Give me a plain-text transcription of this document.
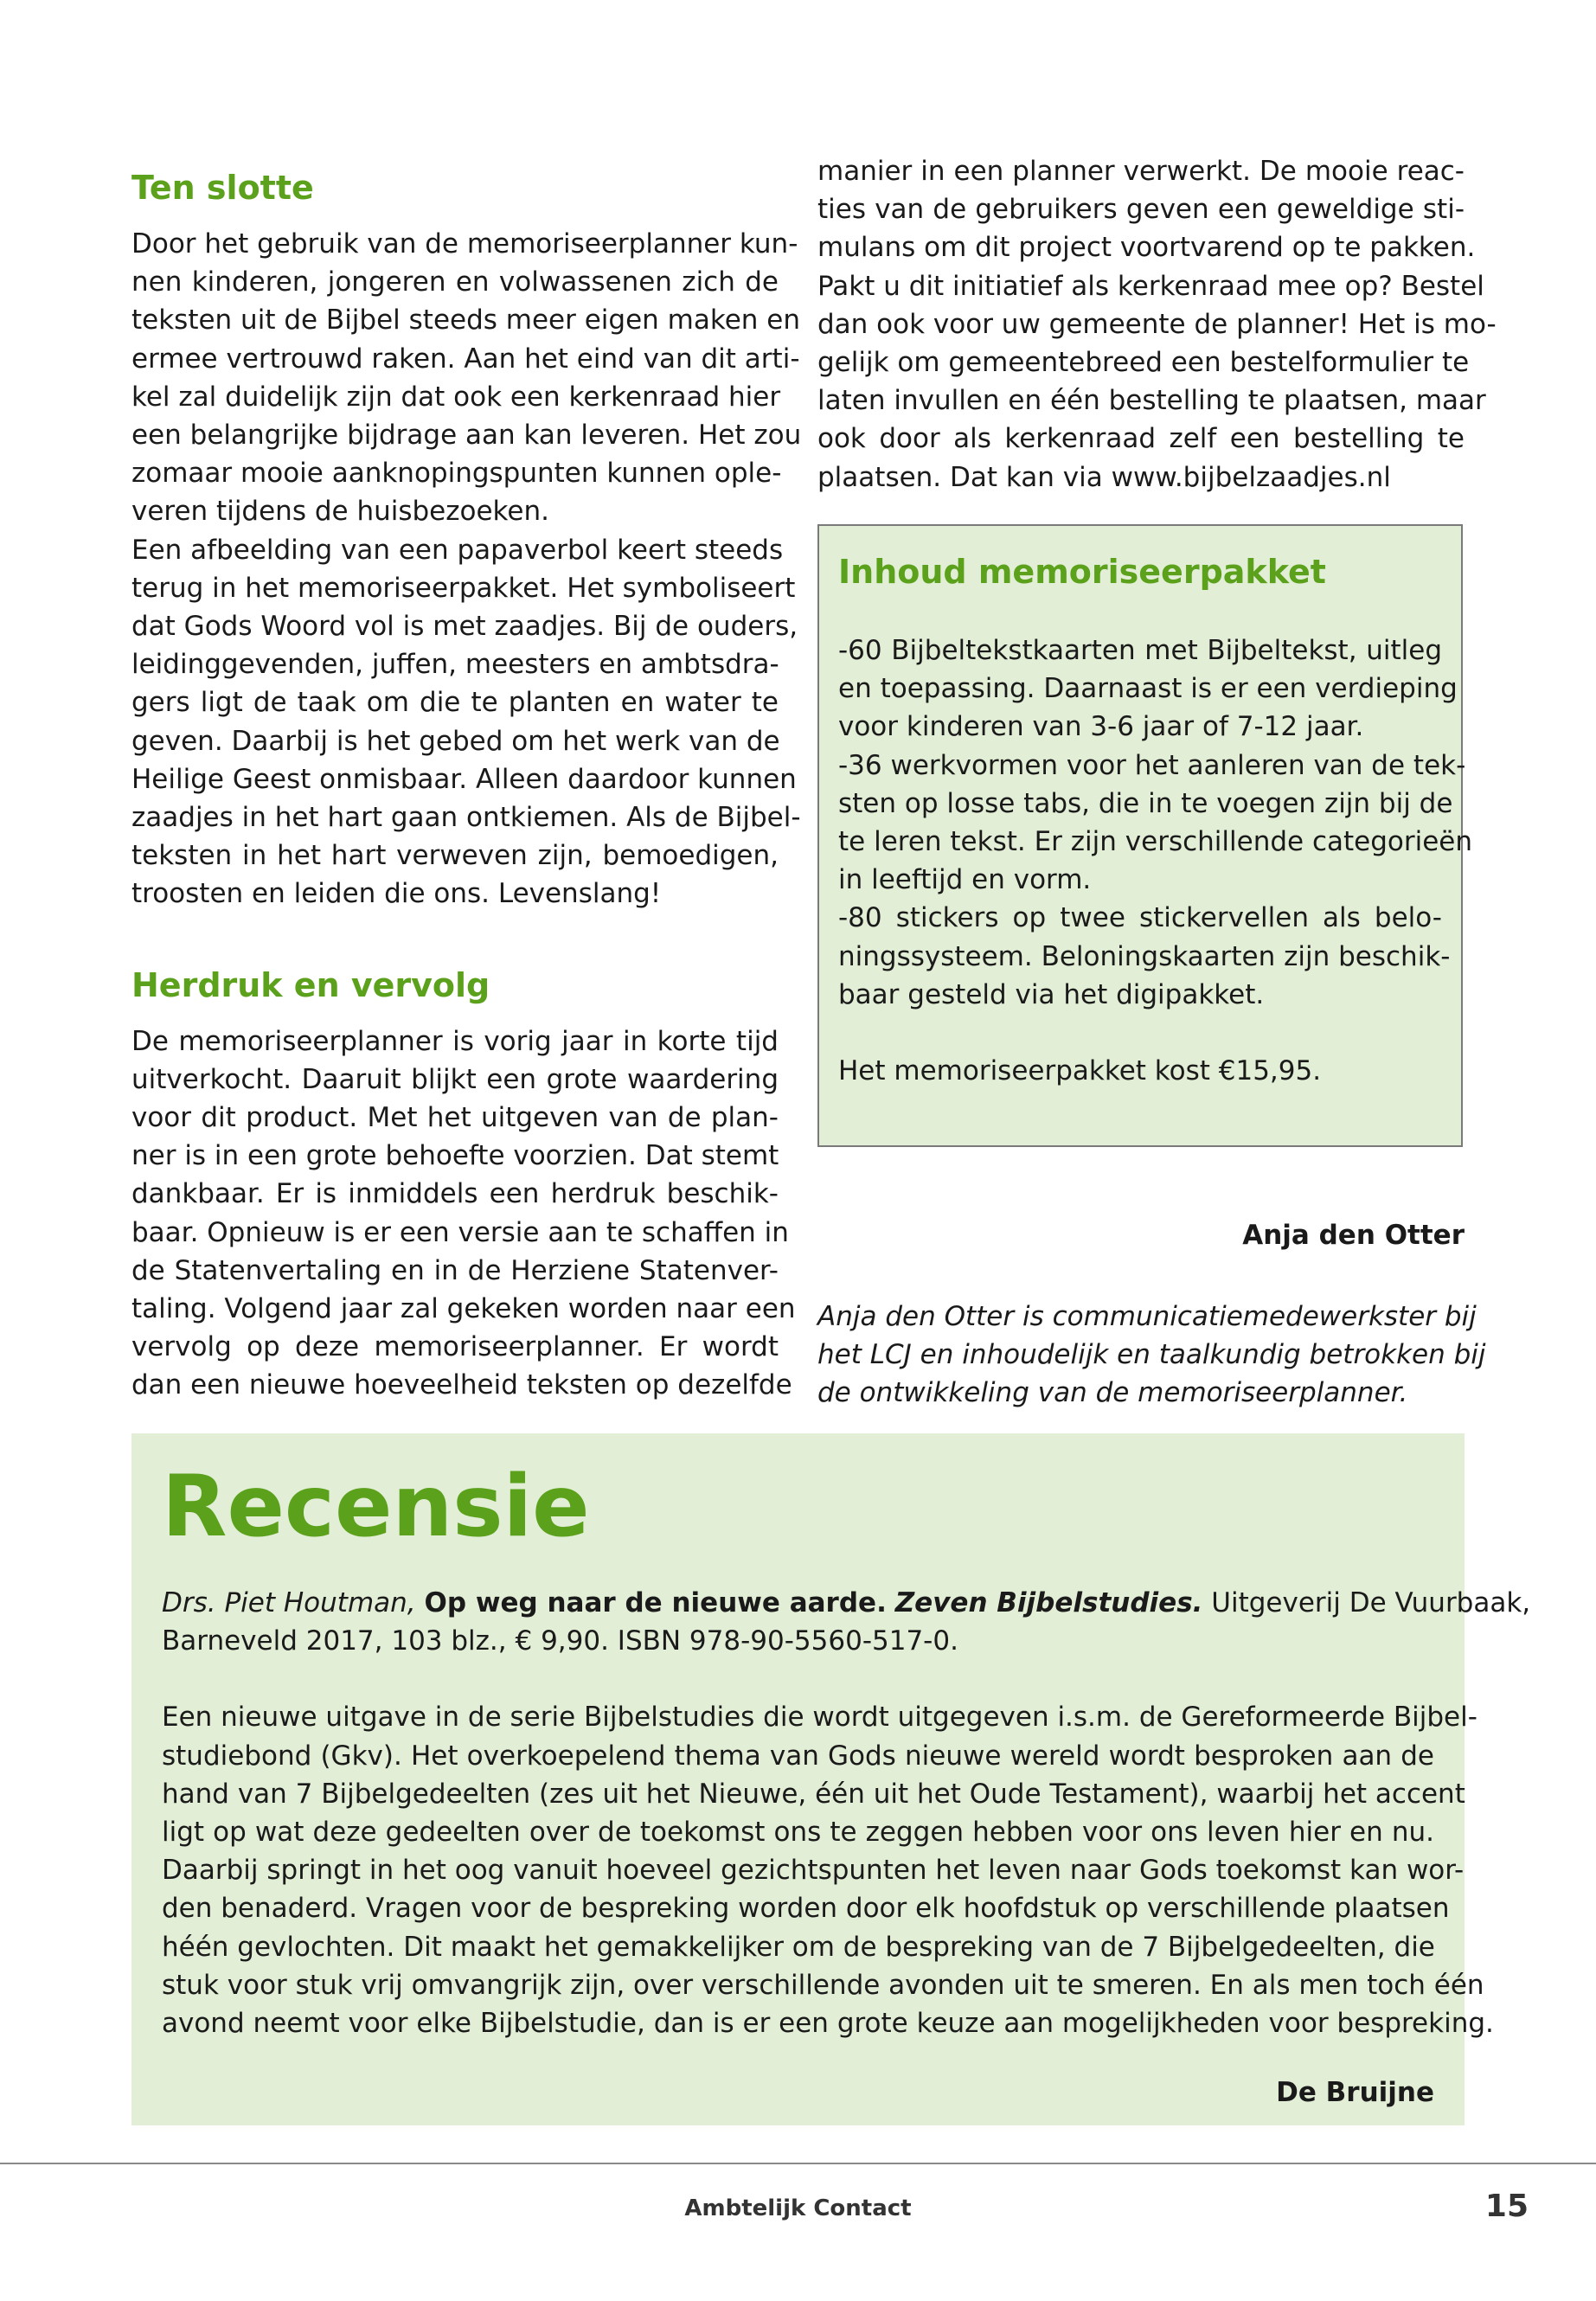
Ten slotte

Door het gebruik van de memoriseerplanner kun-
nen kinderen, jongeren en volwassenen zich de
teksten uit de Bijbel steeds meer eigen maken en
ermee vertrouwd raken. Aan het eind van dit arti-
kel zal duidelijk zijn dat ook een kerkenraad hier
een belangrijke bijdrage aan kan leveren. Het zou
zomaar mooie aanknopingspunten kunnen ople-
veren tijdens de huisbezoeken.

Een afbeelding van een papaverbol keert steeds
terug in het memoriseerpakket. Het symboliseert
dat Gods Woord vol is met zaadjes. Bij de ouders,
leidinggevenden, juffen, meesters en ambtsdra-
gers ligt de taak om die te planten en water te
geven. Daarbij is het gebed om het werk van de
Heilige Geest onmisbaar. Alleen daardoor kunnen
zaadjes in het hart gaan ontkiemen. Als de Bijbel-
teksten in het hart verweven zijn, bemoedigen,
troosten en leiden die ons. Levenslang!

Herdruk en vervolg

De memoriseerplanner is vorig jaar in korte tijd
uitverkocht. Daaruit blijkt een grote waardering
voor dit product. Met het uitgeven van de plan-
ner is in een grote behoefte voorzien. Dat stemt
dankbaar. Er is inmiddels een herdruk beschik-
baar. Opnieuw is er een versie aan te schaffen in
de Statenvertaling en in de Herziene Statenver-
taling. Volgend jaar zal gekeken worden naar een
vervolg op deze memoriseerplanner. Er wordt
dan een nieuwe hoeveelheid teksten op dezelfde

manier in een planner verwerkt. De mooie reac-
ties van de gebruikers geven een geweldige sti-
mulans om dit project voortvarend op te pakken.
Pakt u dit initiatief als kerkenraad mee op? Bestel
dan ook voor uw gemeente de planner! Het is mo-
gelijk om gemeentebreed een bestelformulier te
laten invullen en één bestelling te plaatsen, maar
ook door als kerkenraad zelf een bestelling te
plaatsen. Dat kan via www.bijbelzaadjes.nl

Inhoud memoriseerpakket

-60 Bijbeltekstkaarten met Bijbeltekst, uitleg
en toepassing. Daarnaast is er een verdieping
voor kinderen van 3-6 jaar of 7-12 jaar.

-36 werkvormen voor het aanleren van de tek-
sten op losse tabs, die in te voegen zijn bij de
te leren tekst. Er zijn verschillende categorieën
in leeftijd en vorm.

-80 stickers op twee stickervellen als belo-
ningssysteem. Beloningskaarten zijn beschik-
baar gesteld via het digipakket.

Het memoriseerpakket kost €15,95.

Anja den Otter
Anja den Otter is communicatiemedewerkster bij
het LCJ en inhoudelijk en taalkundig betrokken bij
de ontwikkeling van de memoriseerplanner.
Recensie

Drs. Piet Houtman, Op weg naar de nieuwe aarde. Zeven Bijbelstudies. Uitgeverij De Vuurbaak,
Barneveld 2017, 103 blz., € 9,90. ISBN 978-90-5560-517-0.

Een nieuwe uitgave in de serie Bijbelstudies die wordt uitgegeven i.s.m. de Gereformeerde Bijbel-
studiebond (Gkv). Het overkoepelend thema van Gods nieuwe wereld wordt besproken aan de
hand van 7 Bijbelgedeelten (zes uit het Nieuwe, één uit het Oude Testament), waarbij het accent
ligt op wat deze gedeelten over de toekomst ons te zeggen hebben voor ons leven hier en nu.
Daarbij springt in het oog vanuit hoeveel gezichtspunten het leven naar Gods toekomst kan wor-
den benaderd. Vragen voor de bespreking worden door elk hoofdstuk op verschillende plaatsen
héén gevlochten. Dit maakt het gemakkelijker om de bespreking van de 7 Bijbelgedeelten, die
stuk voor stuk vrij omvangrijk zijn, over verschillende avonden uit te smeren. En als men toch één
avond neemt voor elke Bijbelstudie, dan is er een grote keuze aan mogelijkheden voor bespreking.

De Bruijne
Ambtelijk Contact	15
